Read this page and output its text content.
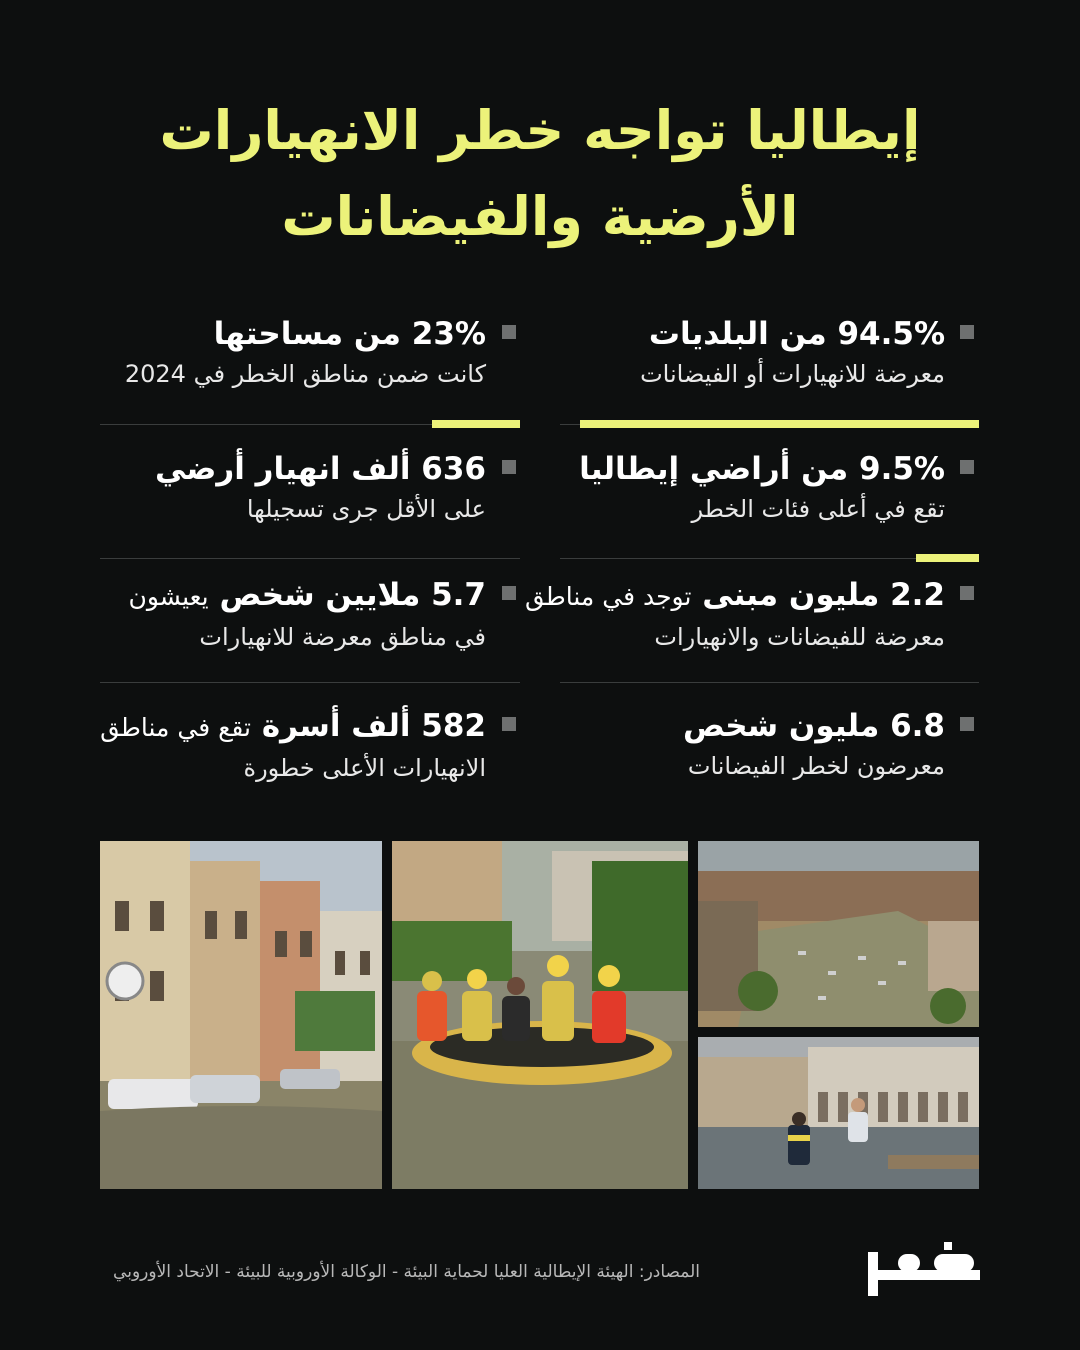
إيطاليا تواجه خطر الانهيارات
الأرضية والفيضانات
94.5% من البلديات
معرضة للانهيارات أو الفيضانات
23% من مساحتها
كانت ضمن مناطق الخطر في 2024
9.5% من أراضي إيطاليا
تقع في أعلى فئات الخطر
636 ألف انهيار أرضي
على الأقل جرى تسجيلها
2.2 مليون مبنى توجد في مناطق
معرضة للفيضانات والانهيارات
5.7 ملايين شخص يعيشون
في مناطق معرضة للانهيارات
6.8 مليون شخص
معرضون لخطر الفيضانات
582 ألف أسرة تقع في مناطق
الانهيارات الأعلى خطورة
المصادر: الهيئة الإيطالية العليا لحماية البيئة - الوكالة الأوروبية للبيئة - الاتحاد الأوروبي
